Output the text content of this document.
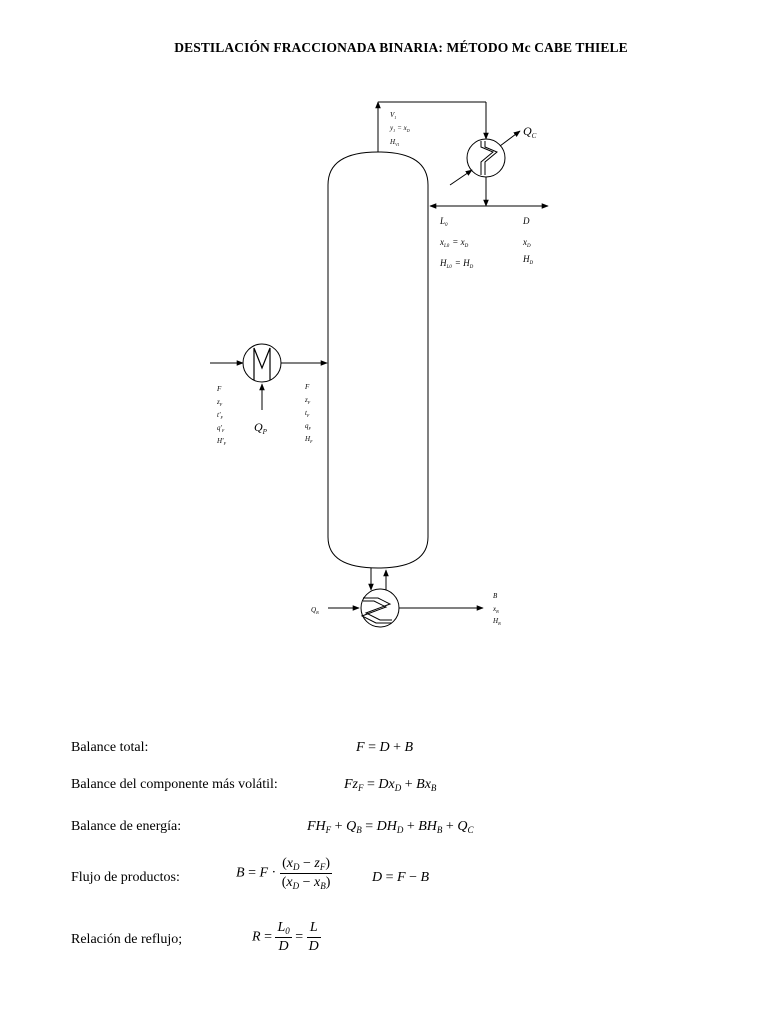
DESTILACIÓN FRACCIONADA BINARIA: MÉTODO Mc CABE THIELE
$V_1$
$y_1 = x_D$
$H_{V1}$
$Q_C$
$L_0$
$x_{L0} = x_D$
$H_{L0} = H_D$
D
$x_D$
$H_D$
F
$z_F$
$t'_F$
$q'_F$
$H'_F$
$Q_P$
F
$z_F$
$t_F$
$q_F$
$H_F$
$Q_B$
B
$x_B$
$H_B$
Balance total:	F = D + B
Balance del componente más volátil:	$Fz_F = Dx_D + Bx_B$
Balance de energía:	$FH_F + Q_B = DH_D + BH_B + Q_C$
Flujo de productos:	$B = F \cdot \frac{(x_D - z_F)}{(x_D - x_B)}$	D = F − B
Relación de reflujo;	$R = \frac{L_0}{D} = \frac{L}{D}$
